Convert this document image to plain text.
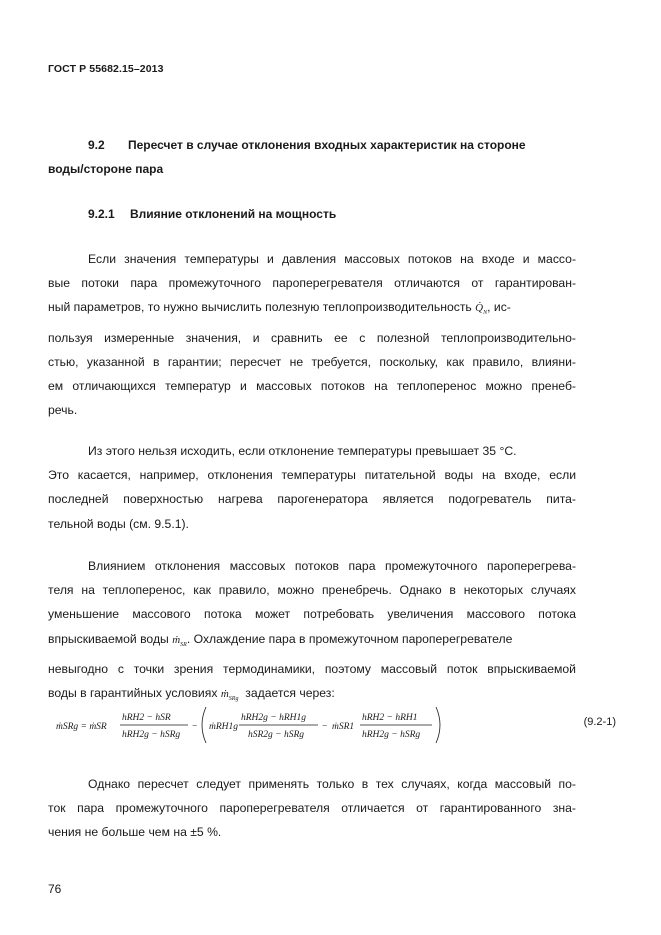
ГОСТ Р 55682.15–2013
9.2 Пересчет в случае отклонения входных характеристик на стороне
воды/стороне пара
9.2.1 Влияние отклонений на мощность
Если значения температуры и давления массовых потоков на входе и массо-
вые потоки пара промежуточного пароперегревателя отличаются от гарантирован-
ный параметров, то нужно вычислить полезную теплопроизводительность $Q̇_N$, ис-
пользуя измеренные значения, и сравнить ее с полезной теплопроизводительно-
стью, указанной в гарантии; пересчет не требуется, поскольку, как правило, влияни-
ем отличающихся температур и массовых потоков на теплоперенос можно пренеб-
речь.
Из этого нельзя исходить, если отклонение температуры превышает 35 °С.
Это касается, например, отклонения температуры питательной воды на входе, если
последней поверхностью нагрева парогенератора является подогреватель пита-
тельной воды (см. 9.5.1).
Влиянием отклонения массовых потоков пара промежуточного пароперегрева-
теля на теплоперенос, как правило, можно пренебречь. Однако в некоторых случаях
уменьшение массового потока может потребовать увеличения массового потока
впрыскиваемой воды ṁ$_{SR}$. Охлаждение пара в промежуточном пароперегревателе
невыгодно с точки зрения термодинамики, поэтому массовый поток впрыскиваемой
воды в гарантийных условиях ṁ$_{SRg}$ задается через:
ṁSRg = ṁSR
hRH2 − hSR
hRH2g − hSRg
− ṁRH1g
hRH2g − hRH1g
hSR2g − hSRg
− ṁSR1
hRH2 − hRH1
hRH2g − hSRg
(9.2-1)
Однако пересчет следует применять только в тех случаях, когда массовый по-
ток пара промежуточного пароперегревателя отличается от гарантированного зна-
чения не больше чем на ±5 %.
76
